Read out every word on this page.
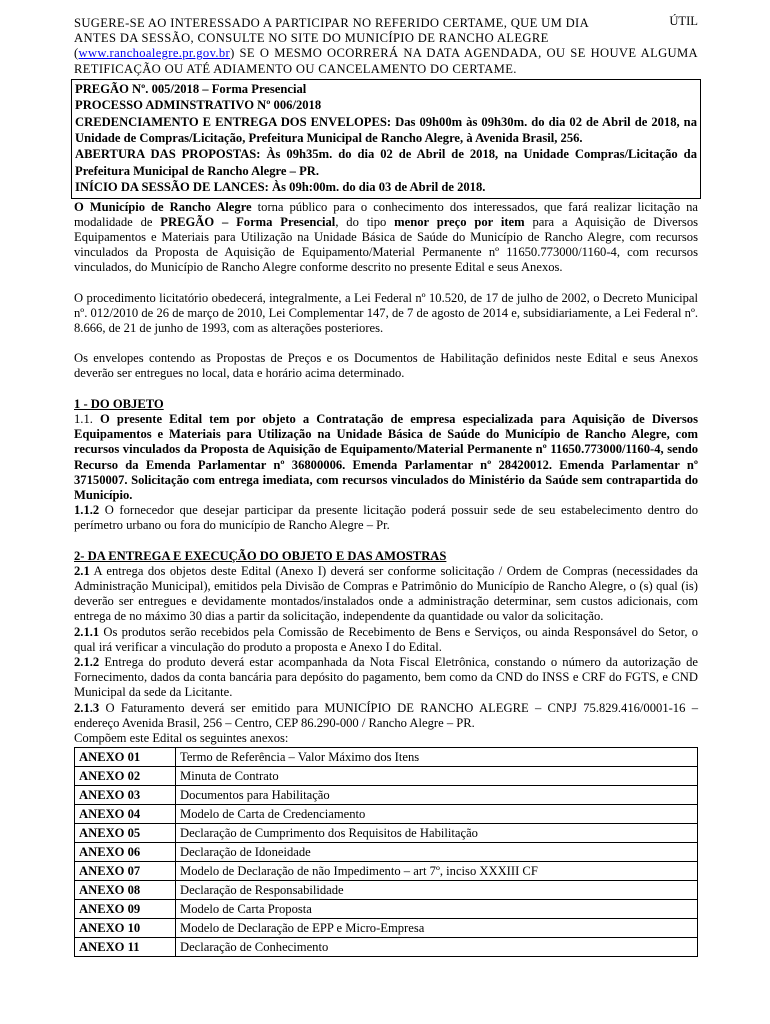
ÚTIL

SUGERE-SE AO INTERESSADO A PARTICIPAR NO REFERIDO CERTAME, QUE UM DIA

ANTES DA SESSÃO, CONSULTE NO SITE DO MUNICÍPIO DE RANCHO ALEGRE

(www.ranchoalegre.pr.gov.br) SE O MESMO OCORRERÁ NA DATA AGENDADA, OU SE HOUVE ALGUMA RETIFICAÇÃO OU ATÉ ADIAMENTO OU CANCELAMENTO DO CERTAME.

PREGÃO Nº. 005/2018 – Forma Presencial

PROCESSO ADMINSTRATIVO Nº 006/2018

CREDENCIAMENTO E ENTREGA DOS ENVELOPES: Das 09h00m às 09h30m. do dia 02 de Abril de 2018, na Unidade de Compras/Licitação, Prefeitura Municipal de Rancho Alegre, à Avenida Brasil, 256.

ABERTURA DAS PROPOSTAS: Às 09h35m. do dia 02 de Abril de 2018, na Unidade Compras/Licitação da Prefeitura Municipal de Rancho Alegre – PR.

INÍCIO DA SESSÃO DE LANCES: Às 09h:00m. do dia 03 de Abril de 2018.

O Município de Rancho Alegre torna público para o conhecimento dos interessados, que fará realizar licitação na modalidade de PREGÃO – Forma Presencial, do tipo menor preço por item para a Aquisição de Diversos Equipamentos e Materiais para Utilização na Unidade Básica de Saúde do Município de Rancho Alegre, com recursos vinculados da Proposta de Aquisição de Equipamento/Material Permanente nº 11650.773000/1160-4, com recursos vinculados, do Município de Rancho Alegre conforme descrito no presente Edital e seus Anexos.

O procedimento licitatório obedecerá, integralmente, a Lei Federal nº 10.520, de 17 de julho de 2002, o Decreto Municipal nº. 012/2010 de 26 de março de 2010, Lei Complementar 147, de 7 de agosto de 2014 e, subsidiariamente, a Lei Federal nº. 8.666, de 21 de junho de 1993, com as alterações posteriores.

Os envelopes contendo as Propostas de Preços e os Documentos de Habilitação definidos neste Edital e seus Anexos deverão ser entregues no local, data e horário acima determinado.

1 - DO OBJETO

1.1. O presente Edital tem por objeto a Contratação de empresa especializada para Aquisição de Diversos Equipamentos e Materiais para Utilização na Unidade Básica de Saúde do Município de Rancho Alegre, com recursos vinculados da Proposta de Aquisição de Equipamento/Material Permanente nº 11650.773000/1160-4, sendo Recurso da Emenda Parlamentar nº 36800006. Emenda Parlamentar nº 28420012. Emenda Parlamentar nº 37150007. Solicitação com entrega imediata, com recursos vinculados do Ministério da Saúde sem contrapartida do Município.

1.1.2 O fornecedor que desejar participar da presente licitação poderá possuir sede de seu estabelecimento dentro do perímetro urbano ou fora do município de Rancho Alegre – Pr.

2- DA ENTREGA E EXECUÇÃO DO OBJETO E DAS AMOSTRAS

2.1 A entrega dos objetos deste Edital (Anexo I) deverá ser conforme solicitação / Ordem de Compras (necessidades da Administração Municipal), emitidos pela Divisão de Compras e Patrimônio do Município de Rancho Alegre, o (s) qual (is) deverão ser entregues e devidamente montados/instalados onde a administração determinar, sem custos adicionais, com entrega de no máximo 30 dias a partir da solicitação, independente da quantidade ou valor da solicitação.

2.1.1 Os produtos serão recebidos pela Comissão de Recebimento de Bens e Serviços, ou ainda Responsável do Setor, o qual irá verificar a vinculação do produto a proposta e Anexo I do Edital.

2.1.2 Entrega do produto deverá estar acompanhada da Nota Fiscal Eletrônica, constando o número da autorização de Fornecimento, dados da conta bancária para depósito do pagamento, bem como da CND do INSS e CRF do FGTS, e CND Municipal da sede da Licitante.

2.1.3 O Faturamento deverá ser emitido para MUNICÍPIO DE RANCHO ALEGRE – CNPJ 75.829.416/0001-16 – endereço Avenida Brasil, 256 – Centro, CEP 86.290-000 / Rancho Alegre – PR.

Compõem este Edital os seguintes anexos:

ANEXO 01	Termo de Referência – Valor Máximo dos Itens
ANEXO 02	Minuta de Contrato
ANEXO 03	Documentos para Habilitação
ANEXO 04	Modelo de Carta de Credenciamento
ANEXO 05	Declaração de Cumprimento dos Requisitos de Habilitação
ANEXO 06	Declaração de Idoneidade
ANEXO 07	Modelo de Declaração de não Impedimento – art 7º, inciso XXXIII CF
ANEXO 08	Declaração de Responsabilidade
ANEXO 09	Modelo de Carta Proposta
ANEXO 10	Modelo de Declaração de EPP e Micro-Empresa
ANEXO 11	Declaração de Conhecimento
